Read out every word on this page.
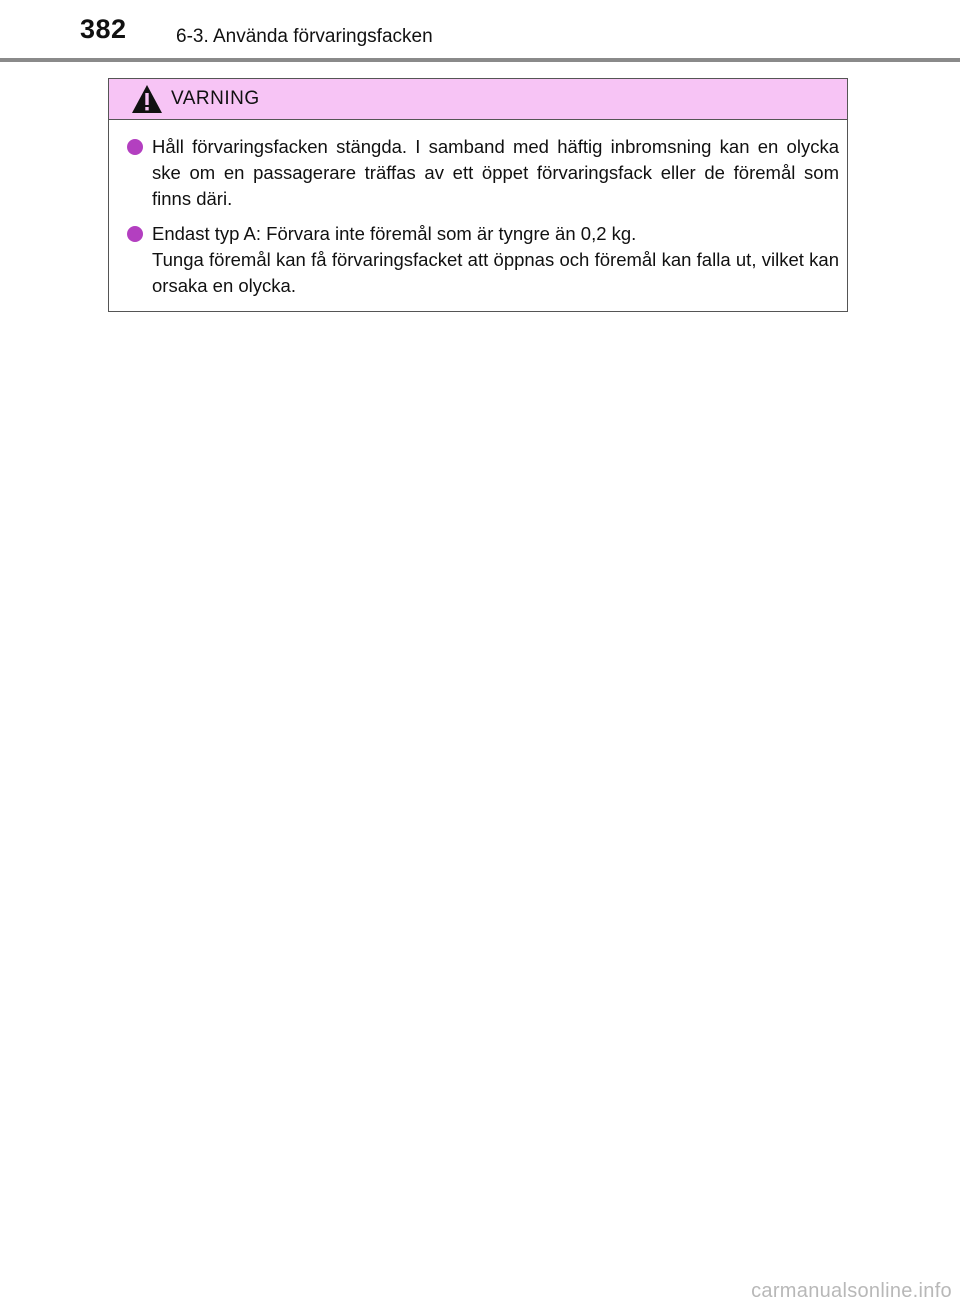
382	6-3. Använda förvaringsfacken
VARNING
Håll förvaringsfacken stängda. I samband med häftig inbromsning kan en olycka ske om en passagerare träffas av ett öppet förvaringsfack eller de föremål som finns däri.
Endast typ A: Förvara inte föremål som är tyngre än 0,2 kg.
Tunga föremål kan få förvaringsfacket att öppnas och föremål kan falla ut, vilket kan orsaka en olycka.
carmanualsonline.info
